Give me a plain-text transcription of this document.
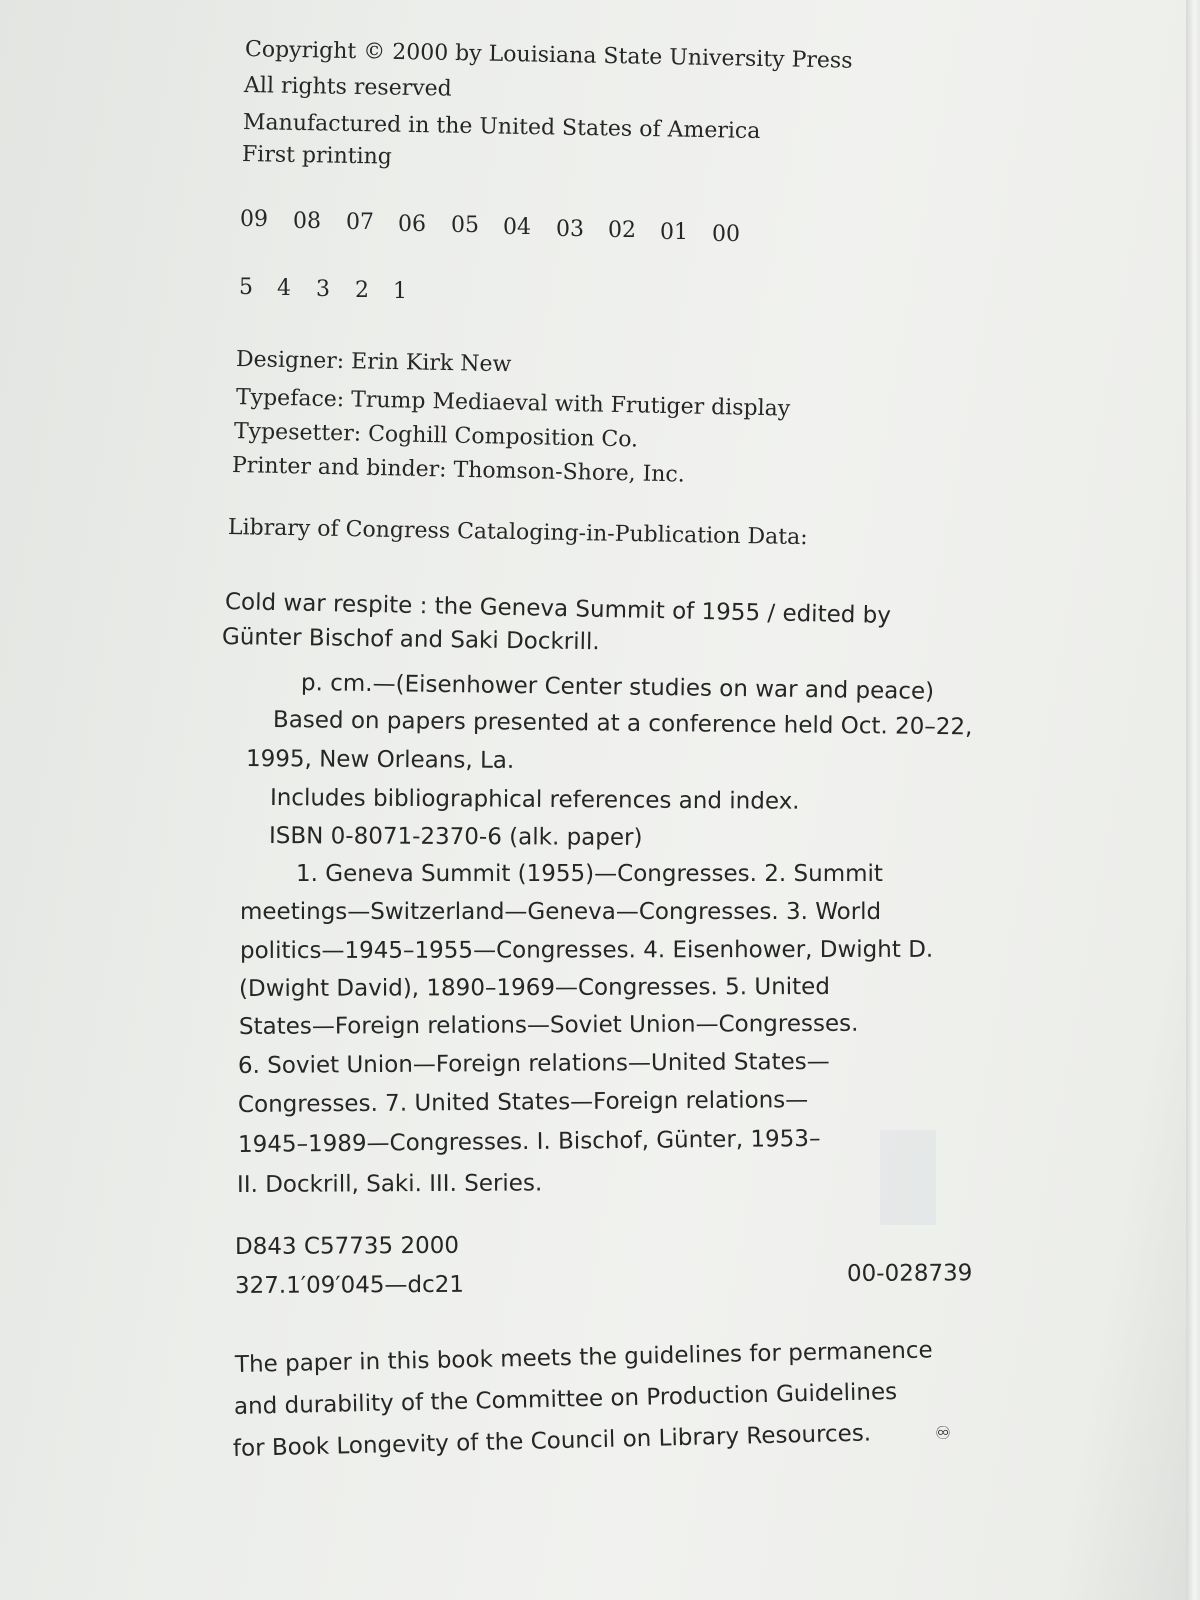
Copyright © 2000 by Louisiana State University Press
All rights reserved
Manufactured in the United States of America
First printing
09 08 07 06 05 04 03 02 01 00
5 4 3 2 1
Designer: Erin Kirk New
Typeface: Trump Mediaeval with Frutiger display
Typesetter: Coghill Composition Co.
Printer and binder: Thomson-Shore, Inc.
Library of Congress Cataloging-in-Publication Data:
Cold war respite : the Geneva Summit of 1955 / edited by
Günter Bischof and Saki Dockrill.
p. cm.—(Eisenhower Center studies on war and peace)
Based on papers presented at a conference held Oct. 20–22,
1995, New Orleans, La.
Includes bibliographical references and index.
ISBN 0-8071-2370-6 (alk. paper)
1. Geneva Summit (1955)—Congresses. 2. Summit
meetings—Switzerland—Geneva—Congresses. 3. World
politics—1945–1955—Congresses. 4. Eisenhower, Dwight D.
(Dwight David), 1890–1969—Congresses. 5. United
States—Foreign relations—Soviet Union—Congresses.
6. Soviet Union—Foreign relations—United States—
Congresses. 7. United States—Foreign relations—
1945–1989—Congresses. I. Bischof, Günter, 1953–
II. Dockrill, Saki. III. Series.
D843 C57735 2000
327.1′09′045—dc21	00-028739
The paper in this book meets the guidelines for permanence
and durability of the Committee on Production Guidelines
for Book Longevity of the Council on Library Resources.	♾
